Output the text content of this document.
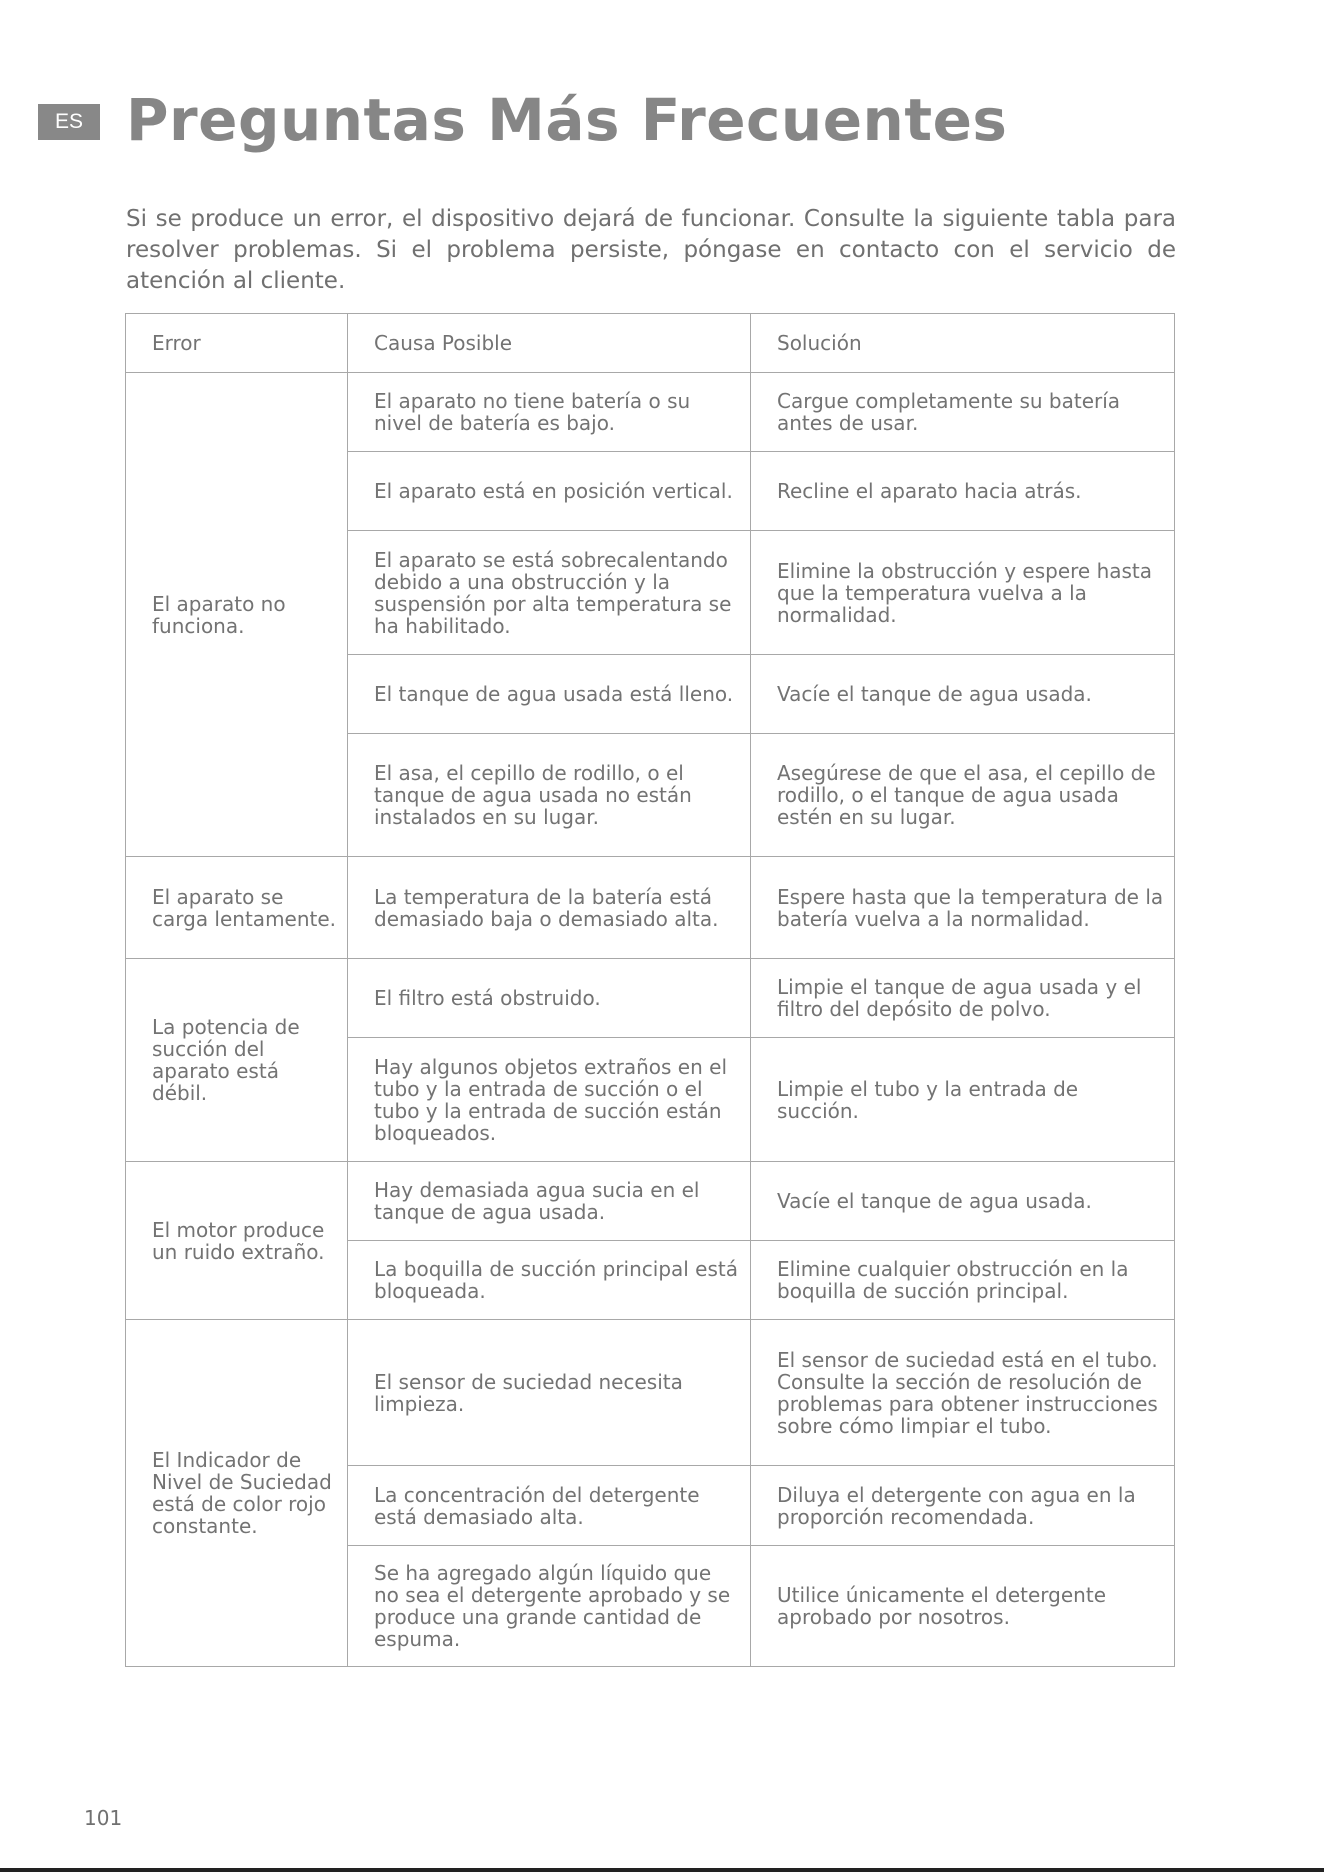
ES Preguntas Más Frecuentes

Si se produce un error, el dispositivo dejará de funcionar. Consulte la siguiente tabla para resolver problemas. Si el problema persiste, póngase en contacto con el servicio de atención al cliente.

Error	Causa Posible	Solución
El aparato no funciona.	El aparato no tiene batería o su nivel de batería es bajo.	Cargue completamente su batería antes de usar.
	El aparato está en posición vertical.	Recline el aparato hacia atrás.
	El aparato se está sobrecalentando debido a una obstrucción y la suspensión por alta temperatura se ha habilitado.	Elimine la obstrucción y espere hasta que la temperatura vuelva a la normalidad.
	El tanque de agua usada está lleno.	Vacíe el tanque de agua usada.
	El asa, el cepillo de rodillo, o el tanque de agua usada no están instalados en su lugar.	Asegúrese de que el asa, el cepillo de rodillo, o el tanque de agua usada estén en su lugar.
El aparato se carga lentamente.	La temperatura de la batería está demasiado baja o demasiado alta.	Espere hasta que la temperatura de la batería vuelva a la normalidad.
La potencia de succión del aparato está débil.	El filtro está obstruido.	Limpie el tanque de agua usada y el filtro del depósito de polvo.
	Hay algunos objetos extraños en el tubo y la entrada de succión o el tubo y la entrada de succión están bloqueados.	Limpie el tubo y la entrada de succión.
El motor produce un ruido extraño.	Hay demasiada agua sucia en el tanque de agua usada.	Vacíe el tanque de agua usada.
	La boquilla de succión principal está bloqueada.	Elimine cualquier obstrucción en la boquilla de succión principal.
El Indicador de Nivel de Suciedad está de color rojo constante.	El sensor de suciedad necesita limpieza.	El sensor de suciedad está en el tubo. Consulte la sección de resolución de problemas para obtener instrucciones sobre cómo limpiar el tubo.
	La concentración del detergente está demasiado alta.	Diluya el detergente con agua en la proporción recomendada.
	Se ha agregado algún líquido que no sea el detergente aprobado y se produce una grande cantidad de espuma.	Utilice únicamente el detergente aprobado por nosotros.
101
